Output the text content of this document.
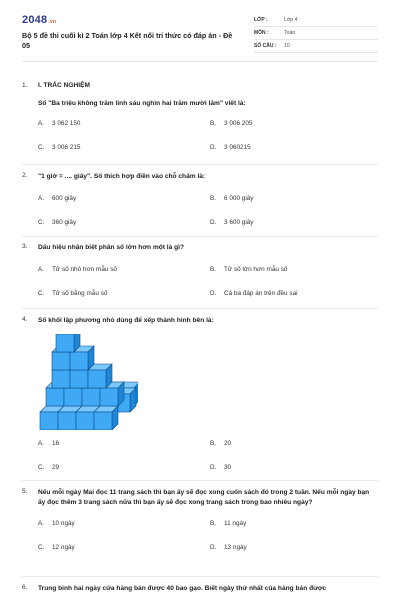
2048.vn
Bộ 5 đề thi cuối kì 2 Toán lớp 4 Kết nối tri thức có đáp án - Đề 05
LỚP :	Lớp 4
MÔN :	Toán
SỐ CÂU :	10
1.	I. TRẮC NGHIỆM
Số "Ba triệu không trăm linh sáu nghìn hai trăm mười lăm" viết là:
A.	3 062 150	B.	3 006 205
C.	3 006 215	D.	3 060215
2.	"1 giờ = .... giây". Số thích hợp điền vào chỗ chấm là:
A.	600 giây	B.	6 000 giây
C.	360 giây	D.	3 600 giây
3.	Dấu hiệu nhận biết phân số lớn hơn một là gì?
A.	Tử số nhỏ hơn mẫu số	B.	Tử số lớn hơn mẫu số
C.	Tử số bằng mẫu số	D.	Cả ba đáp án trên đều sai
4.	Số khối lập phương nhỏ dùng để xếp thành hình bên là:
A.	16	B.	20
C.	29	D.	30
5.	Nếu mỗi ngày Mai đọc 11 trang sách thì bạn ấy sẽ đọc xong cuốn sách đó trong 2 tuần. Nếu mỗi ngày bạn ấy đọc thêm 3 trang sách nữa thì bạn ấy sẽ đọc xong trang sách trong bao nhiêu ngày?
A.	10 ngày	B.	11 ngày
C.	12 ngày	D.	13 ngày
6.	Trung bình hai ngày cửa hàng bán được 40 bao gạo. Biết ngày thứ nhất của hàng bán được
